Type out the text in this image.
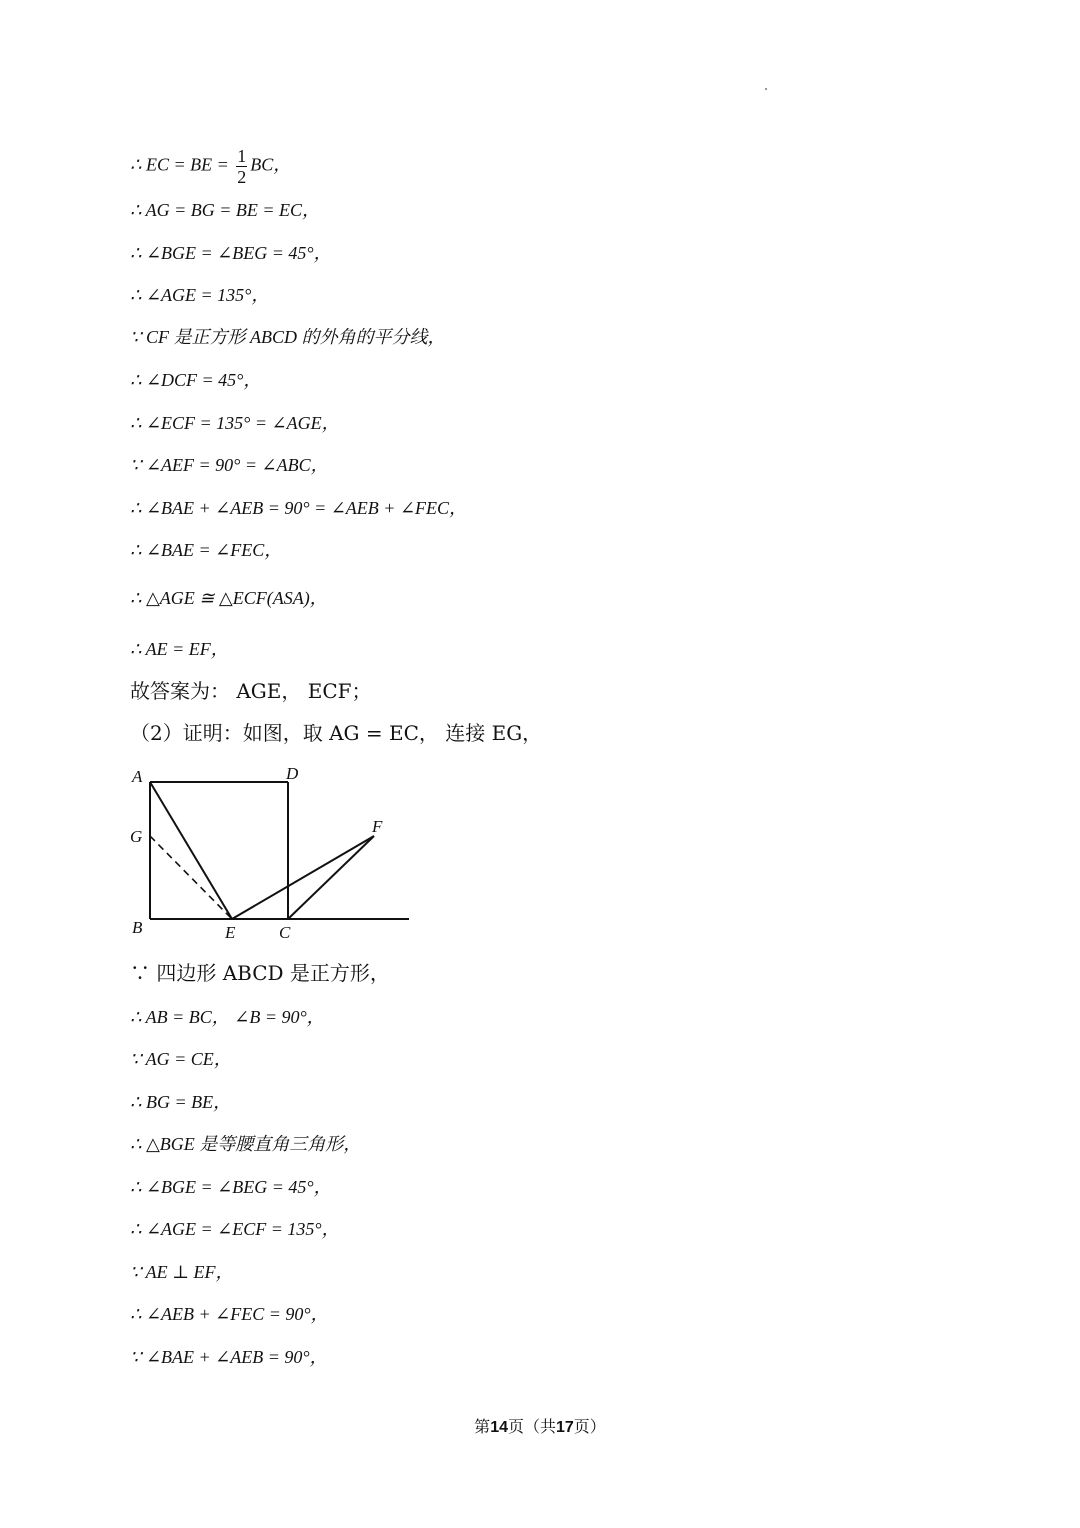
∴ EC = BE = $\frac{1}{2}$ BC，
∴ AG = BG = BE = EC，
∴ ∠BGE = ∠BEG = 45°，
∴ ∠AGE = 135°，
∵ CF 是正方形 ABCD 的外角的平分线，
∴ ∠DCF = 45°，
∴ ∠ECF = 135° = ∠AGE，
∵ ∠AEF = 90° = ∠ABC，
∴ ∠BAE + ∠AEB = 90° = ∠AEB + ∠FEC，
∴ ∠BAE = ∠FEC，
∴ △AGE ≅ △ECF(ASA)，
∴ AE = EF，
故答案为： AGE， ECF；
（2）证明：如图，取 AG = EC， 连接 EG，
A	D
G
F
B	E	C
∵ 四边形 ABCD 是正方形，
∴ AB = BC， ∠B = 90°，
∵ AG = CE，
∴ BG = BE，
∴ △BGE 是等腰直角三角形，
∴ ∠BGE = ∠BEG = 45°，
∴ ∠AGE = ∠ECF = 135°，
∵ AE ⊥ EF，
∴ ∠AEB + ∠FEC = 90°，
∵ ∠BAE + ∠AEB = 90°，
第14页（共17页）
